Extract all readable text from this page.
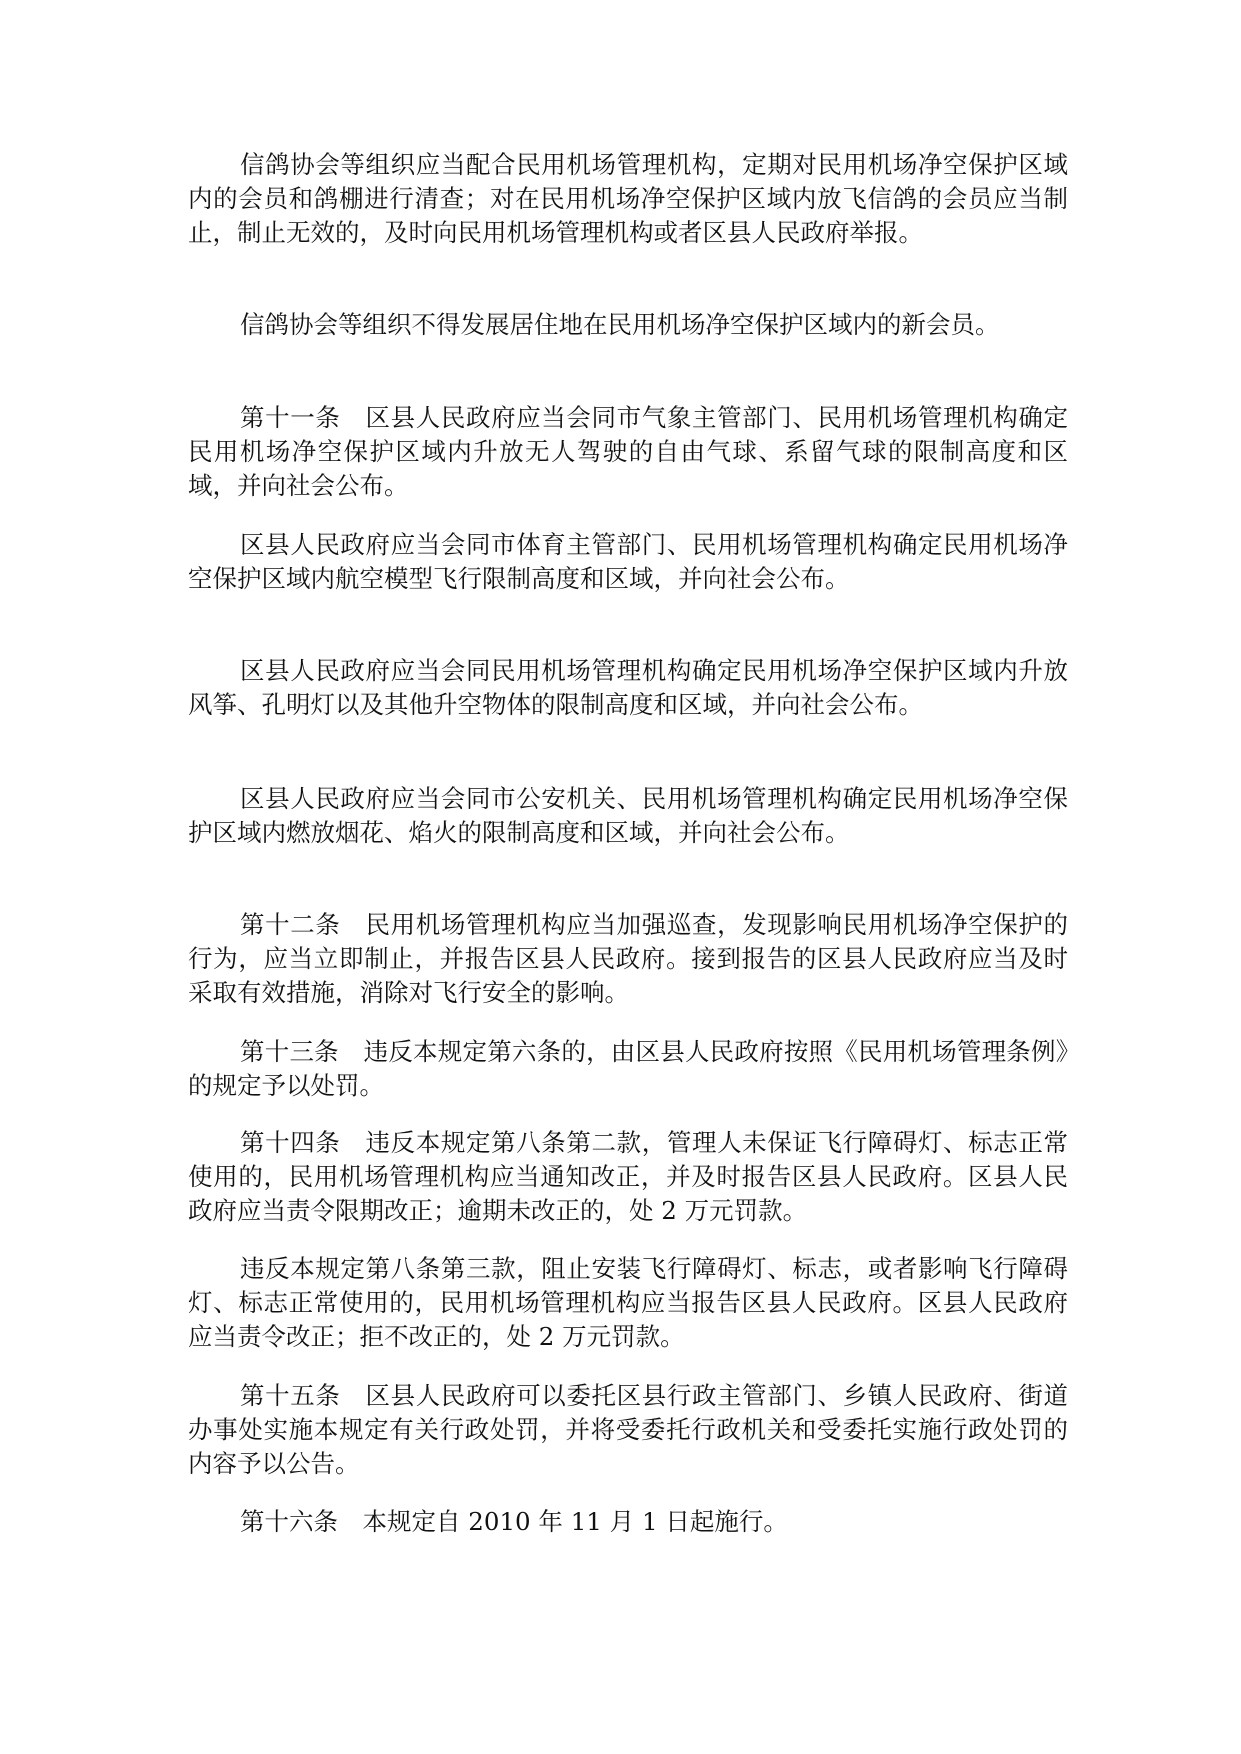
信鸽协会等组织应当配合民用机场管理机构，定期对民用机场净空保护区域内的会员和鸽棚进行清查；对在民用机场净空保护区域内放飞信鸽的会员应当制止，制止无效的，及时向民用机场管理机构或者区县人民政府举报。

信鸽协会等组织不得发展居住地在民用机场净空保护区域内的新会员。

第十一条　区县人民政府应当会同市气象主管部门、民用机场管理机构确定民用机场净空保护区域内升放无人驾驶的自由气球、系留气球的限制高度和区域，并向社会公布。

区县人民政府应当会同市体育主管部门、民用机场管理机构确定民用机场净空保护区域内航空模型飞行限制高度和区域，并向社会公布。

区县人民政府应当会同民用机场管理机构确定民用机场净空保护区域内升放风筝、孔明灯以及其他升空物体的限制高度和区域，并向社会公布。

区县人民政府应当会同市公安机关、民用机场管理机构确定民用机场净空保护区域内燃放烟花、焰火的限制高度和区域，并向社会公布。

第十二条　民用机场管理机构应当加强巡查，发现影响民用机场净空保护的行为，应当立即制止，并报告区县人民政府。接到报告的区县人民政府应当及时采取有效措施，消除对飞行安全的影响。

第十三条　违反本规定第六条的，由区县人民政府按照《民用机场管理条例》的规定予以处罚。

第十四条　违反本规定第八条第二款，管理人未保证飞行障碍灯、标志正常使用的，民用机场管理机构应当通知改正，并及时报告区县人民政府。区县人民政府应当责令限期改正；逾期未改正的，处 2 万元罚款。

违反本规定第八条第三款，阻止安装飞行障碍灯、标志，或者影响飞行障碍灯、标志正常使用的，民用机场管理机构应当报告区县人民政府。区县人民政府应当责令改正；拒不改正的，处 2 万元罚款。

第十五条　区县人民政府可以委托区县行政主管部门、乡镇人民政府、街道办事处实施本规定有关行政处罚，并将受委托行政机关和受委托实施行政处罚的内容予以公告。

第十六条　本规定自 2010 年 11 月 1 日起施行。
